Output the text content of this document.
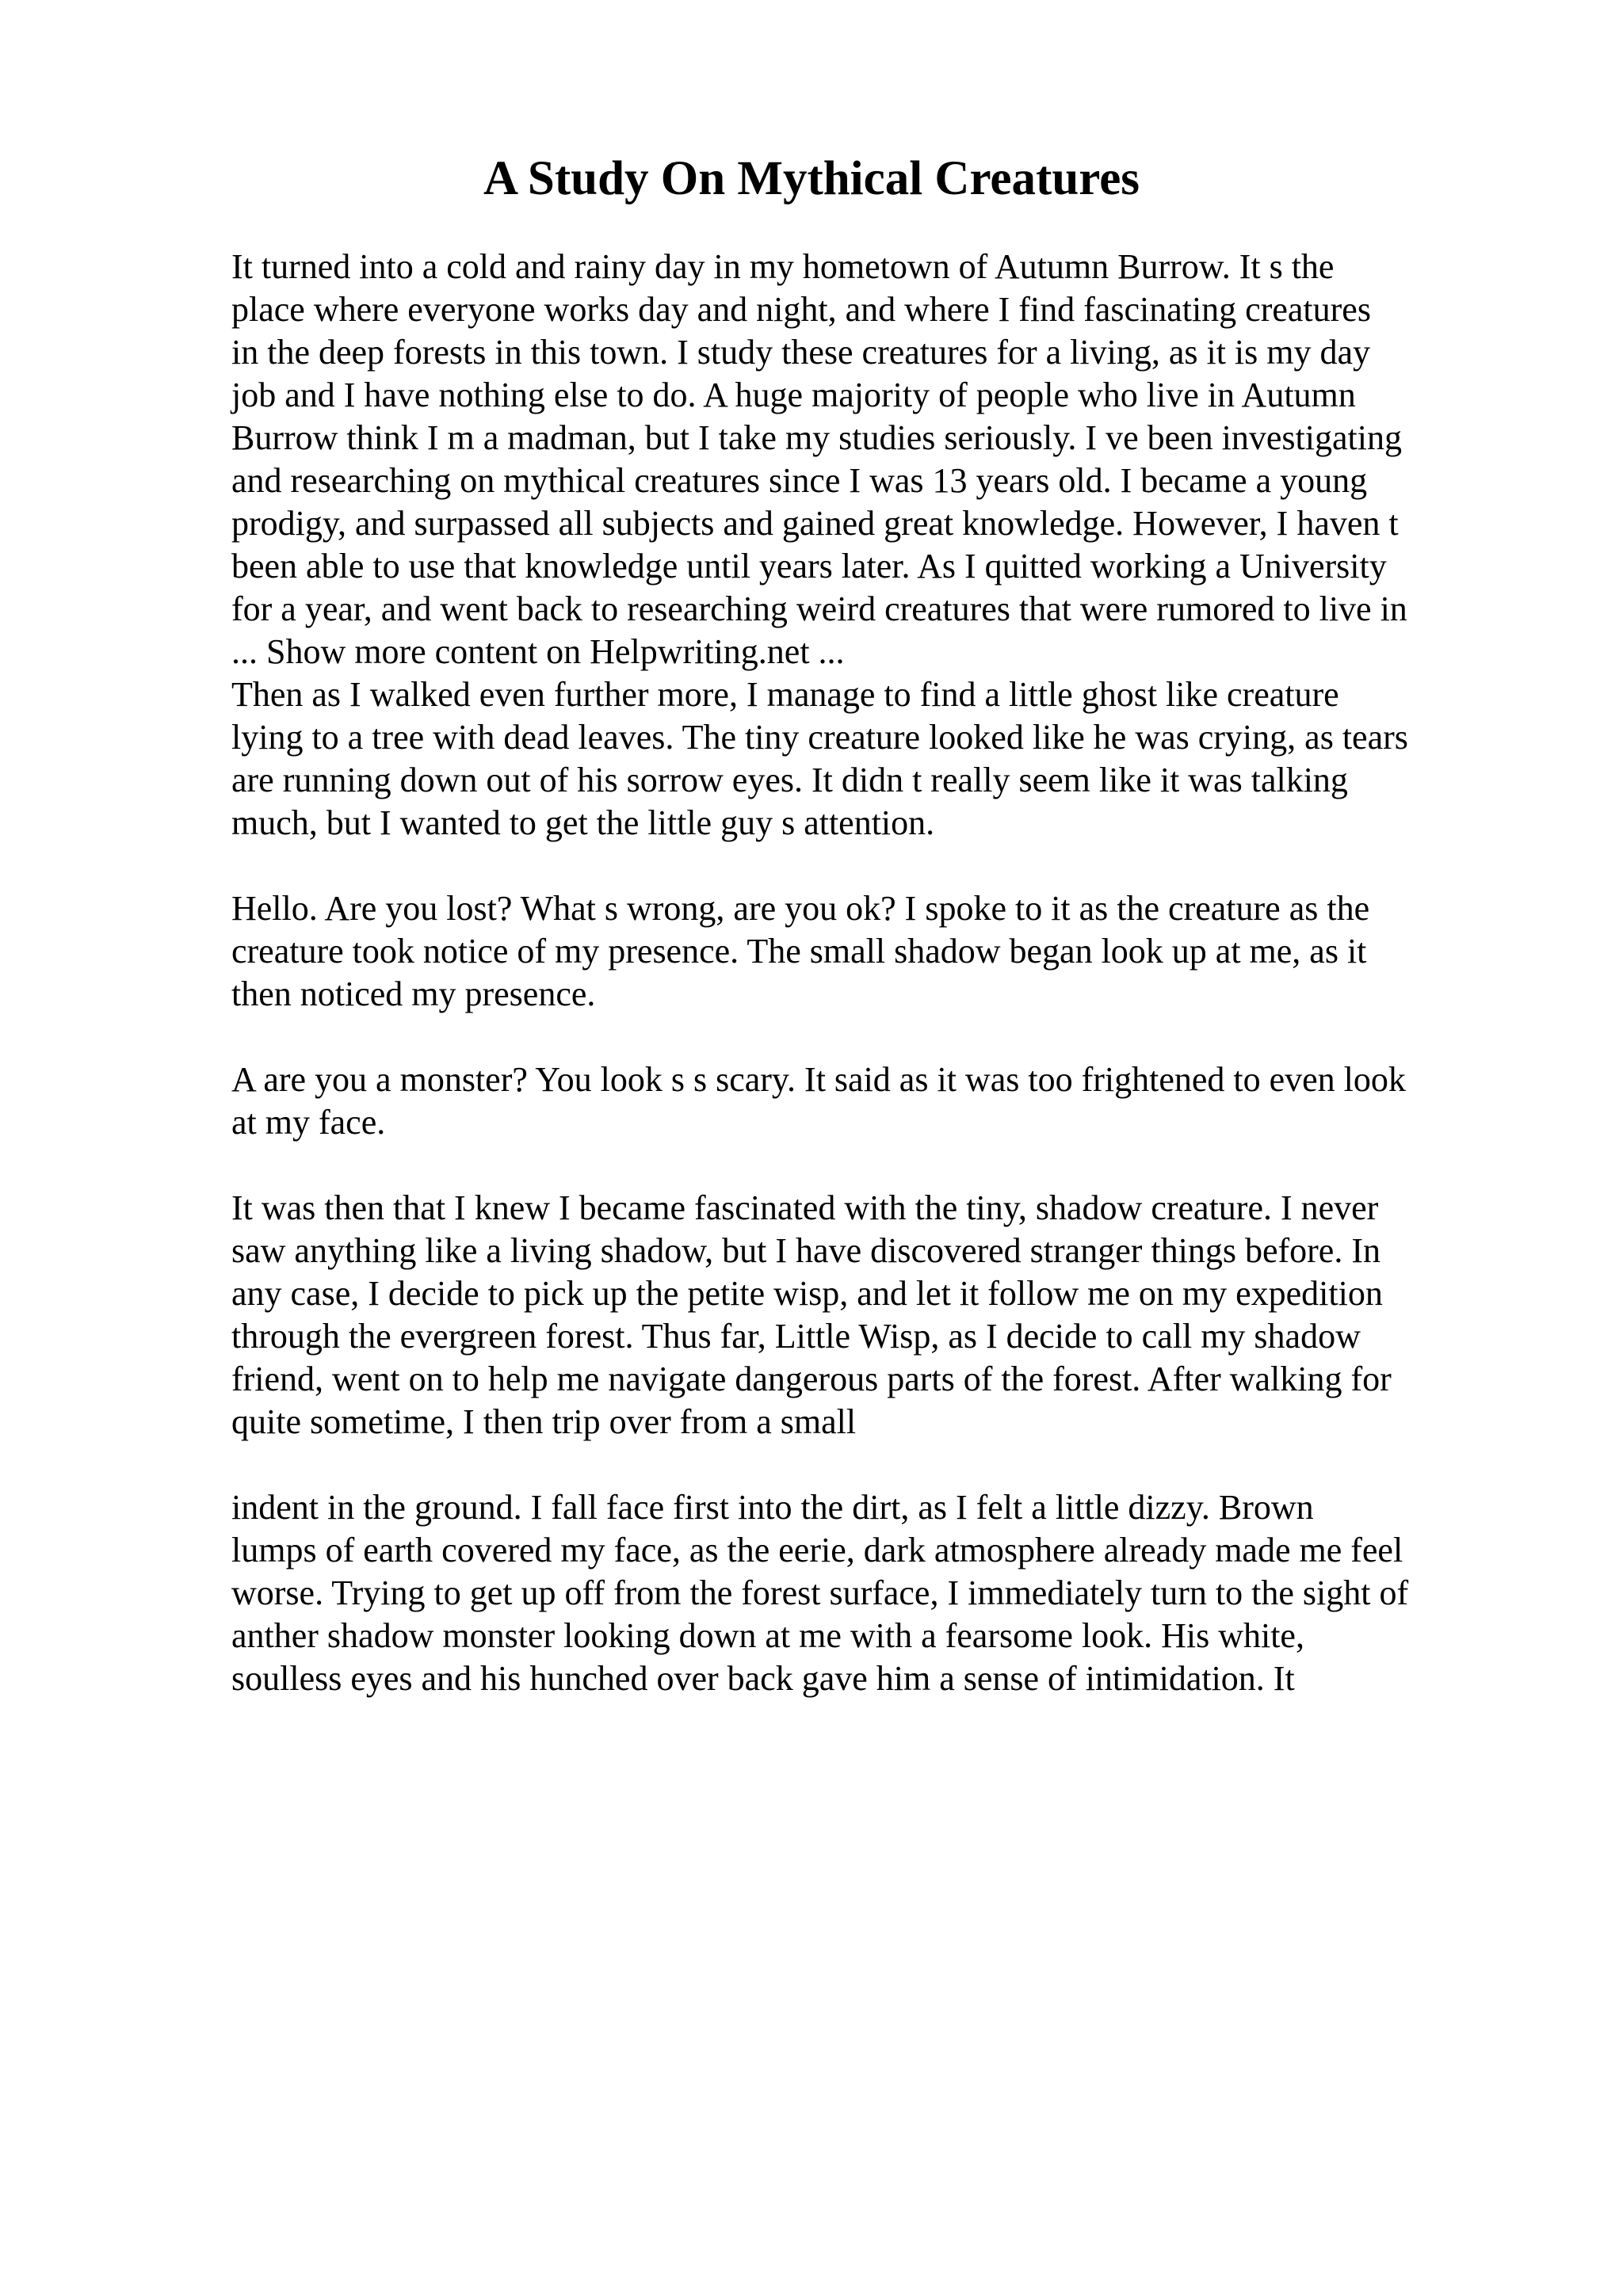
A Study On Mythical Creatures
It turned into a cold and rainy day in my hometown of Autumn Burrow. It s the
place where everyone works day and night, and where I find fascinating creatures
in the deep forests in this town. I study these creatures for a living, as it is my day
job and I have nothing else to do. A huge majority of people who live in Autumn
Burrow think I m a madman, but I take my studies seriously. I ve been investigating
and researching on mythical creatures since I was 13 years old. I became a young
prodigy, and surpassed all subjects and gained great knowledge. However, I haven t
been able to use that knowledge until years later. As I quitted working a University
for a year, and went back to researching weird creatures that were rumored to live in
... Show more content on Helpwriting.net ...
Then as I walked even further more, I manage to find a little ghost like creature
lying to a tree with dead leaves. The tiny creature looked like he was crying, as tears
are running down out of his sorrow eyes. It didn t really seem like it was talking
much, but I wanted to get the little guy s attention.
Hello. Are you lost? What s wrong, are you ok? I spoke to it as the creature as the
creature took notice of my presence. The small shadow began look up at me, as it
then noticed my presence.
A are you a monster? You look s s scary. It said as it was too frightened to even look
at my face.
It was then that I knew I became fascinated with the tiny, shadow creature. I never
saw anything like a living shadow, but I have discovered stranger things before. In
any case, I decide to pick up the petite wisp, and let it follow me on my expedition
through the evergreen forest. Thus far, Little Wisp, as I decide to call my shadow
friend, went on to help me navigate dangerous parts of the forest. After walking for
quite sometime, I then trip over from a small
indent in the ground. I fall face first into the dirt, as I felt a little dizzy. Brown
lumps of earth covered my face, as the eerie, dark atmosphere already made me feel
worse. Trying to get up off from the forest surface, I immediately turn to the sight of
anther shadow monster looking down at me with a fearsome look. His white,
soulless eyes and his hunched over back gave him a sense of intimidation. It
